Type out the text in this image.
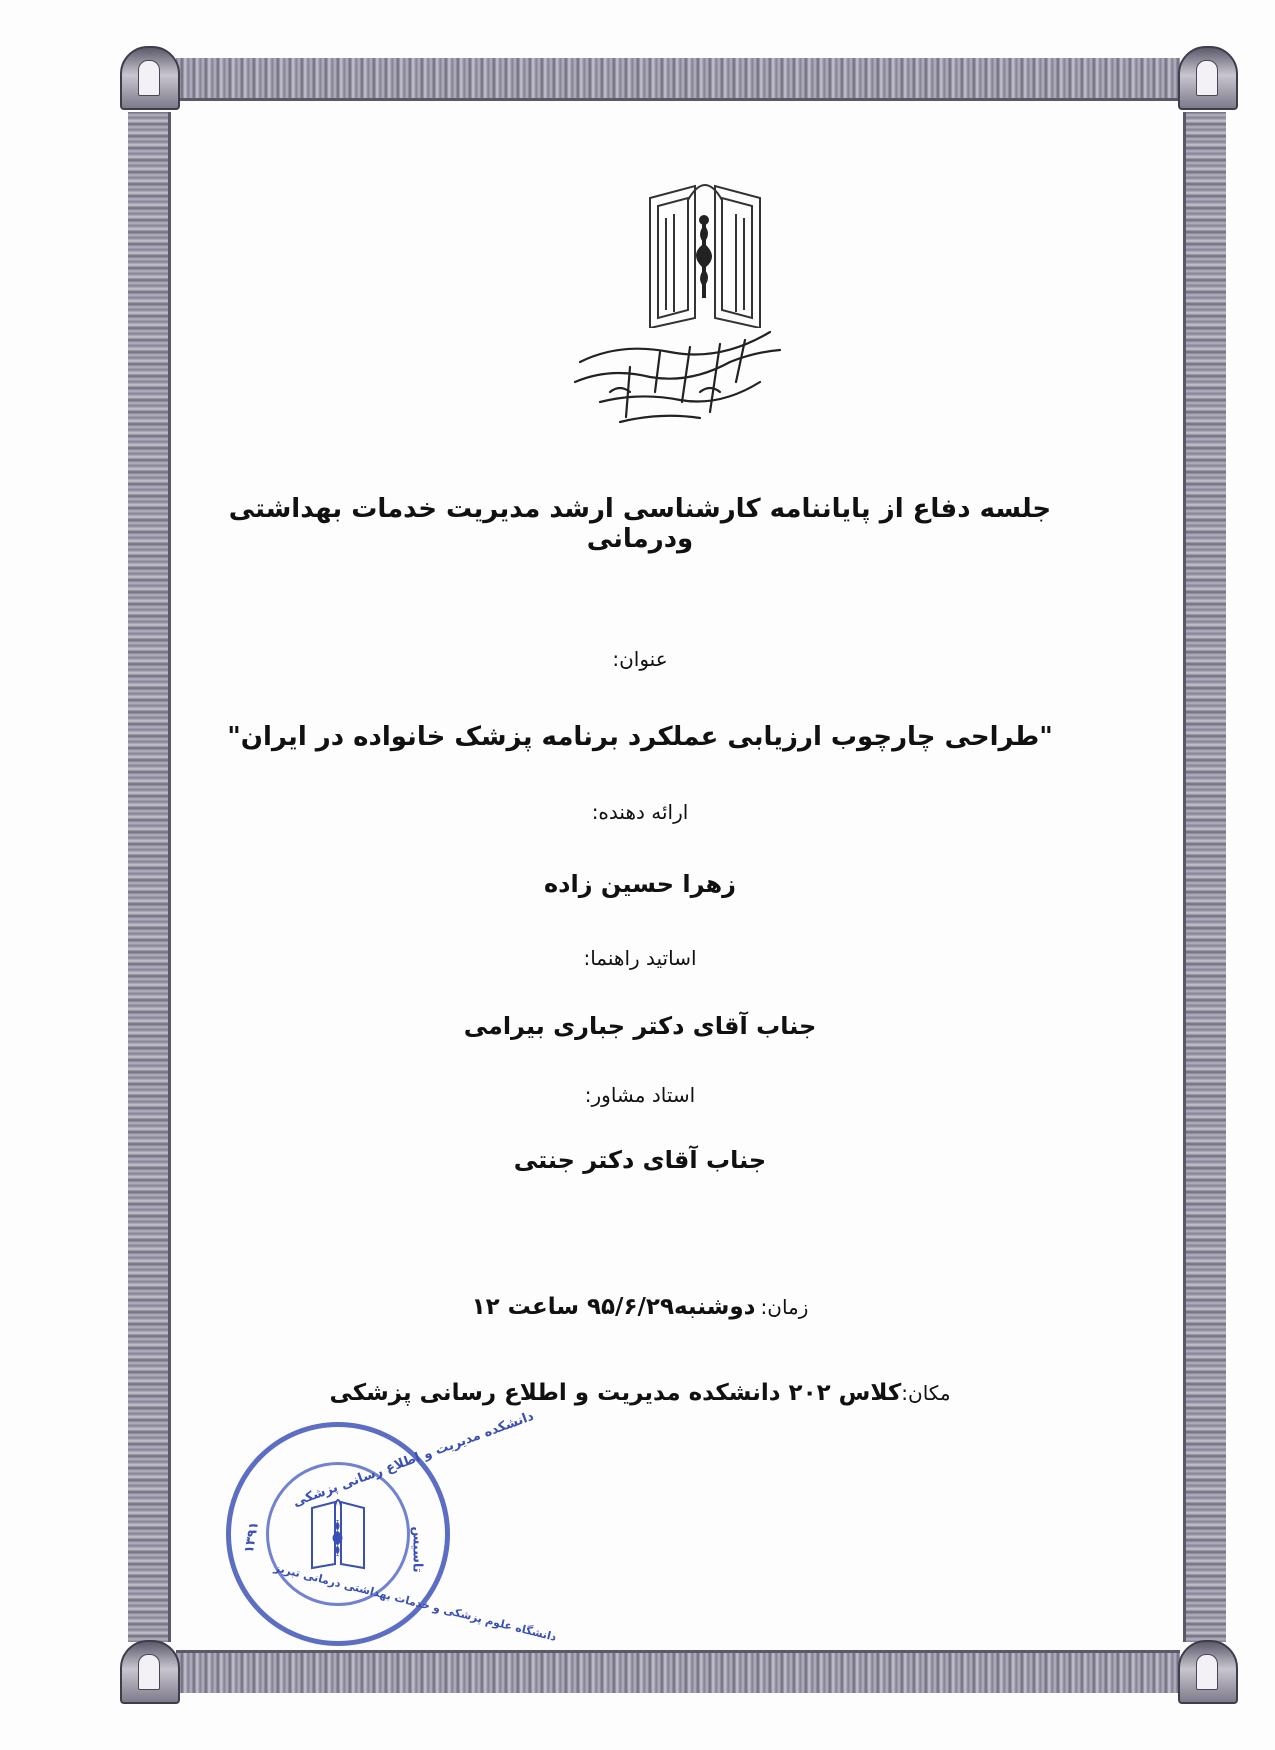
جلسه دفاع از پایاننامه کارشناسی ارشد مدیریت خدمات بهداشتی ودرمانی
عنوان:
"طراحی چارچوب ارزیابی عملکرد برنامه پزشک خانواده در ایران"
ارائه دهنده:
زهرا حسین زاده
اساتید راهنما:
جناب آقای دکتر جباری بیرامی
استاد مشاور:
جناب آقای دکتر جنتی
زمان: دوشنبه۹۵/۶/۲۹ ساعت ۱۲
مکان:کلاس ۲۰۲ دانشکده مدیریت و اطلاع رسانی پزشکی
دانشکده مدیریت و اطلاع رسانی پزشکی
دانشگاه علوم پزشکی و خدمات بهداشتی درمانی تبریز
تاسیس
۱۳۹۱
